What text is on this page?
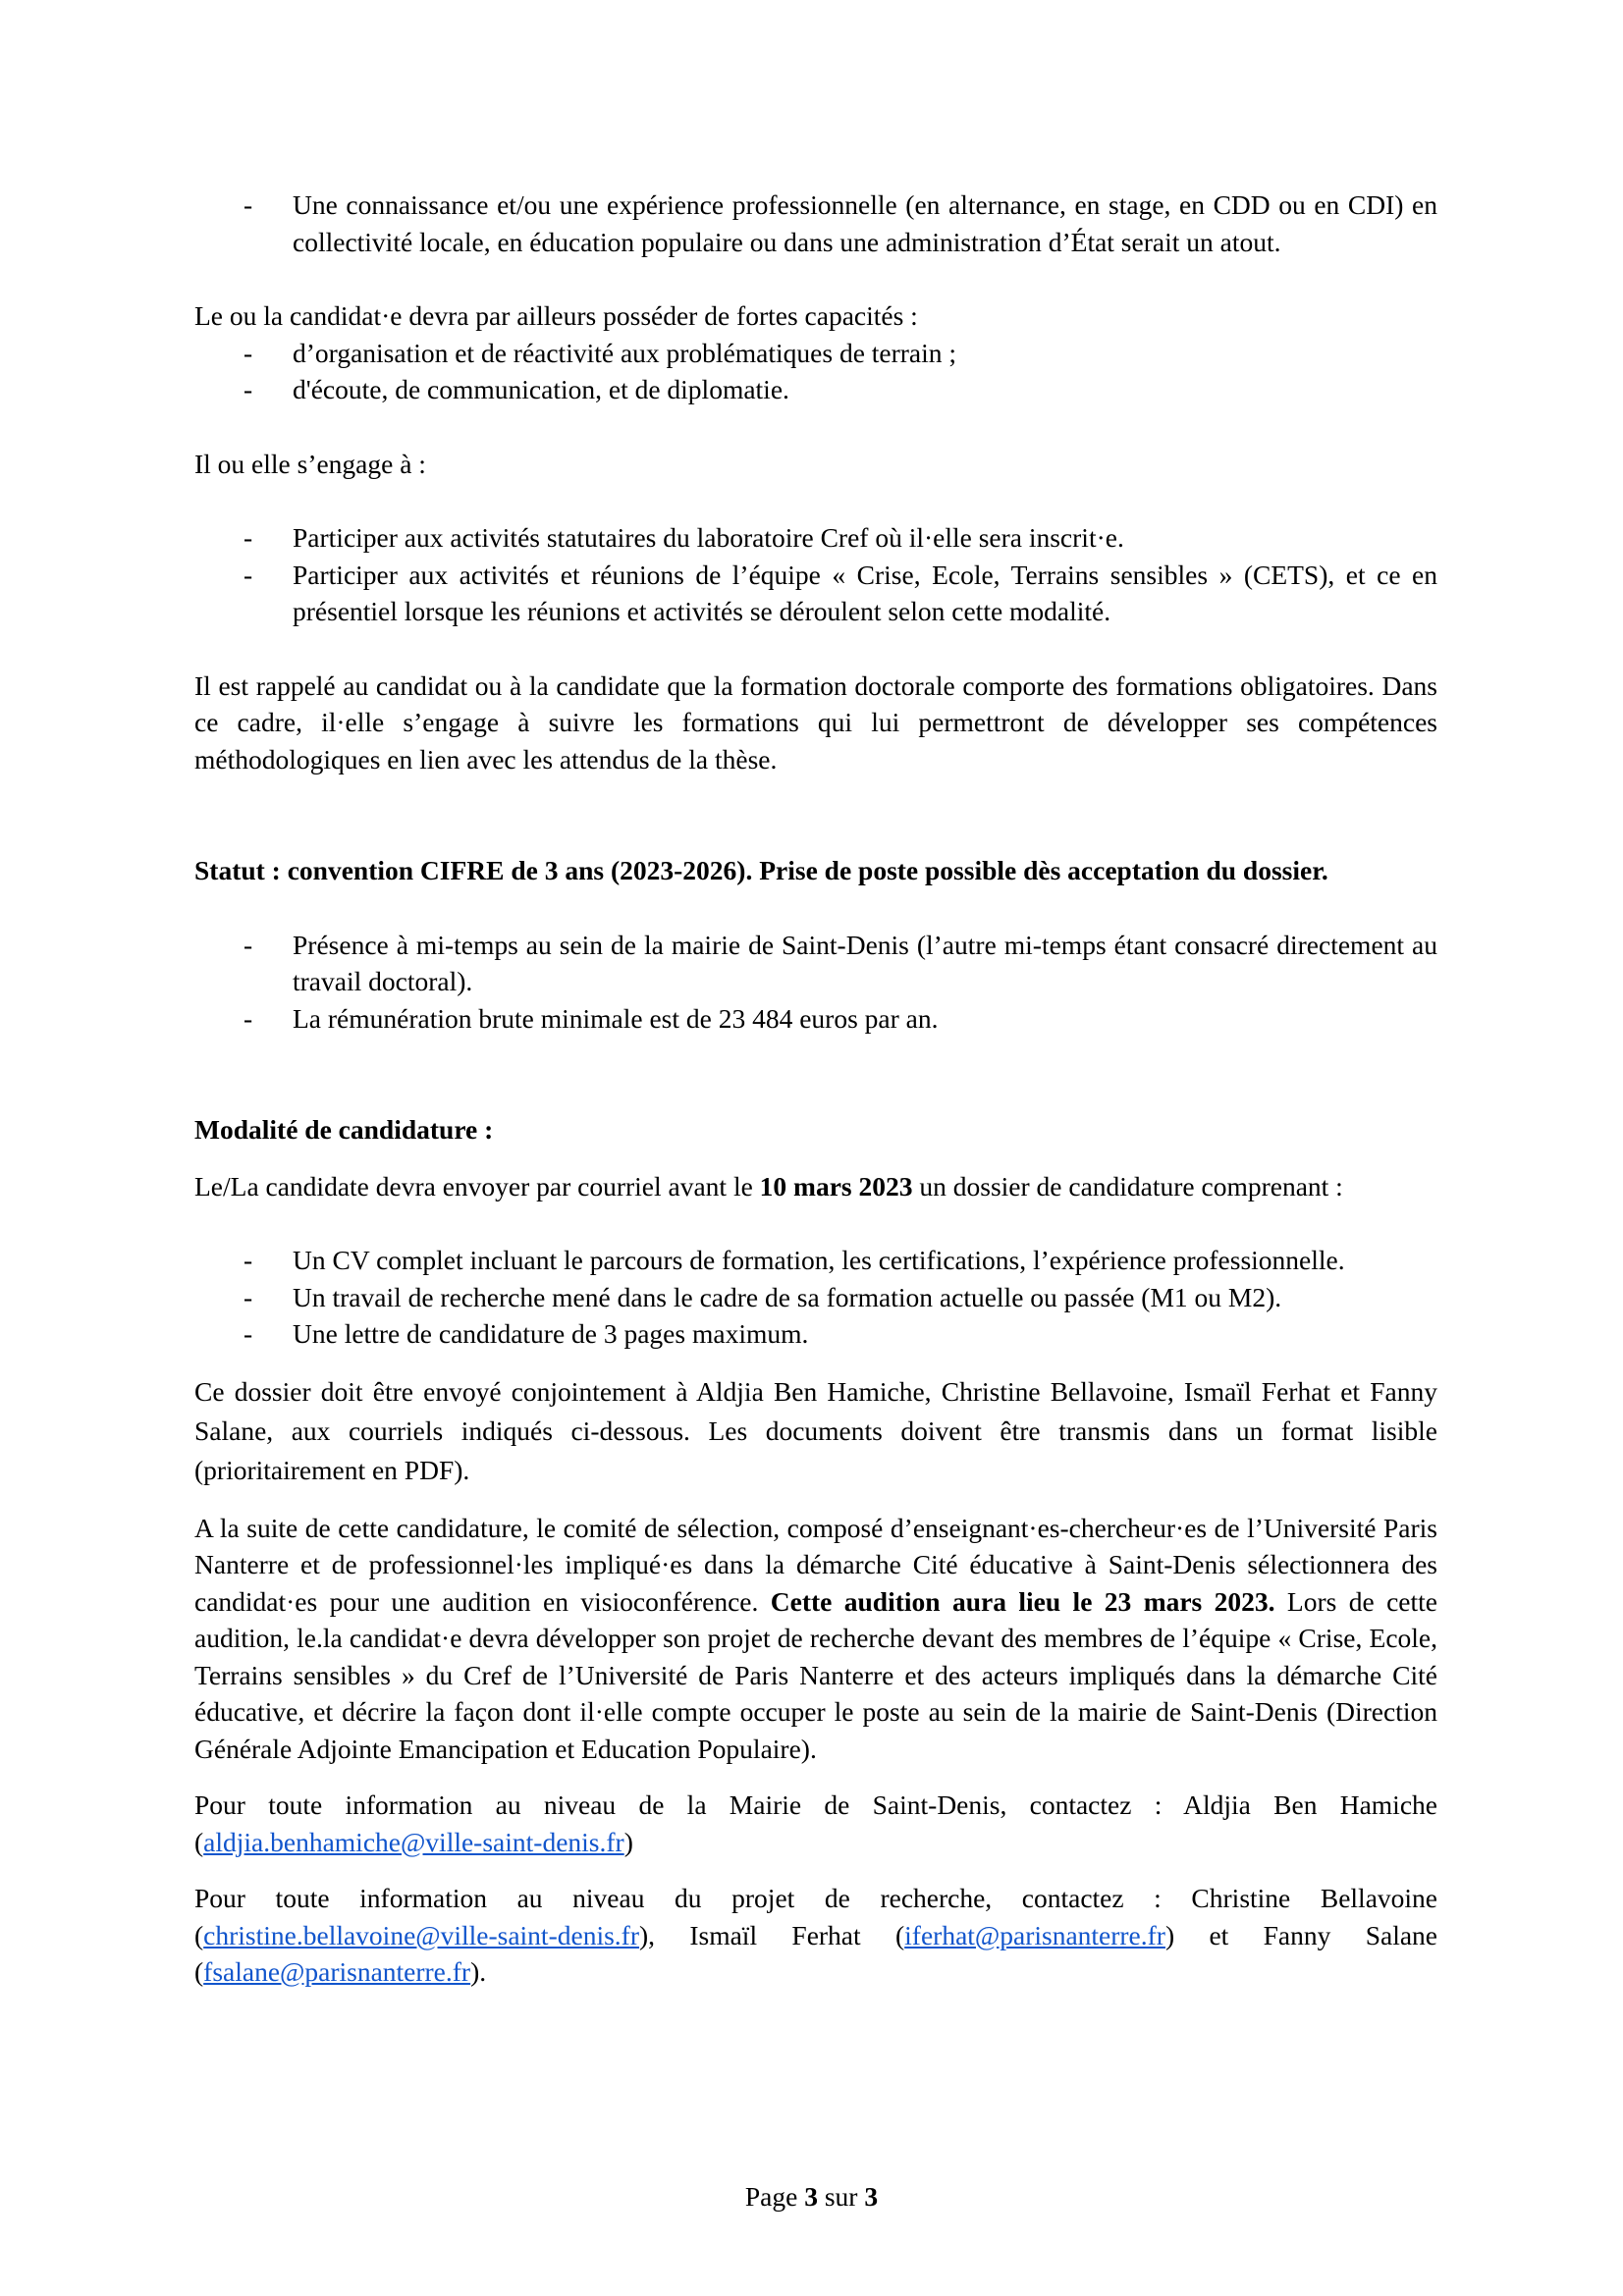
- Une connaissance et/ou une expérience professionnelle (en alternance, en stage, en CDD ou en CDI) en collectivité locale, en éducation populaire ou dans une administration d’État serait un atout.

Le ou la candidat·e devra par ailleurs posséder de fortes capacités :

- d’organisation et de réactivité aux problématiques de terrain ;
- d'écoute, de communication, et de diplomatie.

Il ou elle s’engage à :

- Participer aux activités statutaires du laboratoire Cref où il·elle sera inscrit·e.
- Participer aux activités et réunions de l’équipe « Crise, Ecole, Terrains sensibles » (CETS), et ce en présentiel lorsque les réunions et activités se déroulent selon cette modalité.

Il est rappelé au candidat ou à la candidate que la formation doctorale comporte des formations obligatoires. Dans ce cadre, il·elle s’engage à suivre les formations qui lui permettront de développer ses compétences méthodologiques en lien avec les attendus de la thèse.

Statut : convention CIFRE de 3 ans (2023-2026). Prise de poste possible dès acceptation du dossier.

- Présence à mi-temps au sein de la mairie de Saint-Denis (l’autre mi-temps étant consacré directement au travail doctoral).
- La rémunération brute minimale est de 23 484 euros par an.

Modalité de candidature :

Le/La candidate devra envoyer par courriel avant le 10 mars 2023 un dossier de candidature comprenant :

- Un CV complet incluant le parcours de formation, les certifications, l’expérience professionnelle.
- Un travail de recherche mené dans le cadre de sa formation actuelle ou passée (M1 ou M2).
- Une lettre de candidature de 3 pages maximum.

Ce dossier doit être envoyé conjointement à Aldjia Ben Hamiche, Christine Bellavoine, Ismaïl Ferhat et Fanny Salane, aux courriels indiqués ci-dessous. Les documents doivent être transmis dans un format lisible (prioritairement en PDF).

A la suite de cette candidature, le comité de sélection, composé d’enseignant·es-chercheur·es de l’Université Paris Nanterre et de professionnel·les impliqué·es dans la démarche Cité éducative à Saint-Denis sélectionnera des candidat·es pour une audition en visioconférence. Cette audition aura lieu le 23 mars 2023. Lors de cette audition, le.la candidat·e devra développer son projet de recherche devant des membres de l’équipe « Crise, Ecole, Terrains sensibles » du Cref de l’Université de Paris Nanterre et des acteurs impliqués dans la démarche Cité éducative, et décrire la façon dont il·elle compte occuper le poste au sein de la mairie de Saint-Denis (Direction Générale Adjointe Emancipation et Education Populaire).

Pour toute information au niveau de la Mairie de Saint-Denis, contactez : Aldjia Ben Hamiche (aldjia.benhamiche@ville-saint-denis.fr)

Pour toute information au niveau du projet de recherche, contactez : Christine Bellavoine (christine.bellavoine@ville-saint-denis.fr), Ismaïl Ferhat (iferhat@parisnanterre.fr) et Fanny Salane (fsalane@parisnanterre.fr).

Page 3 sur 3
